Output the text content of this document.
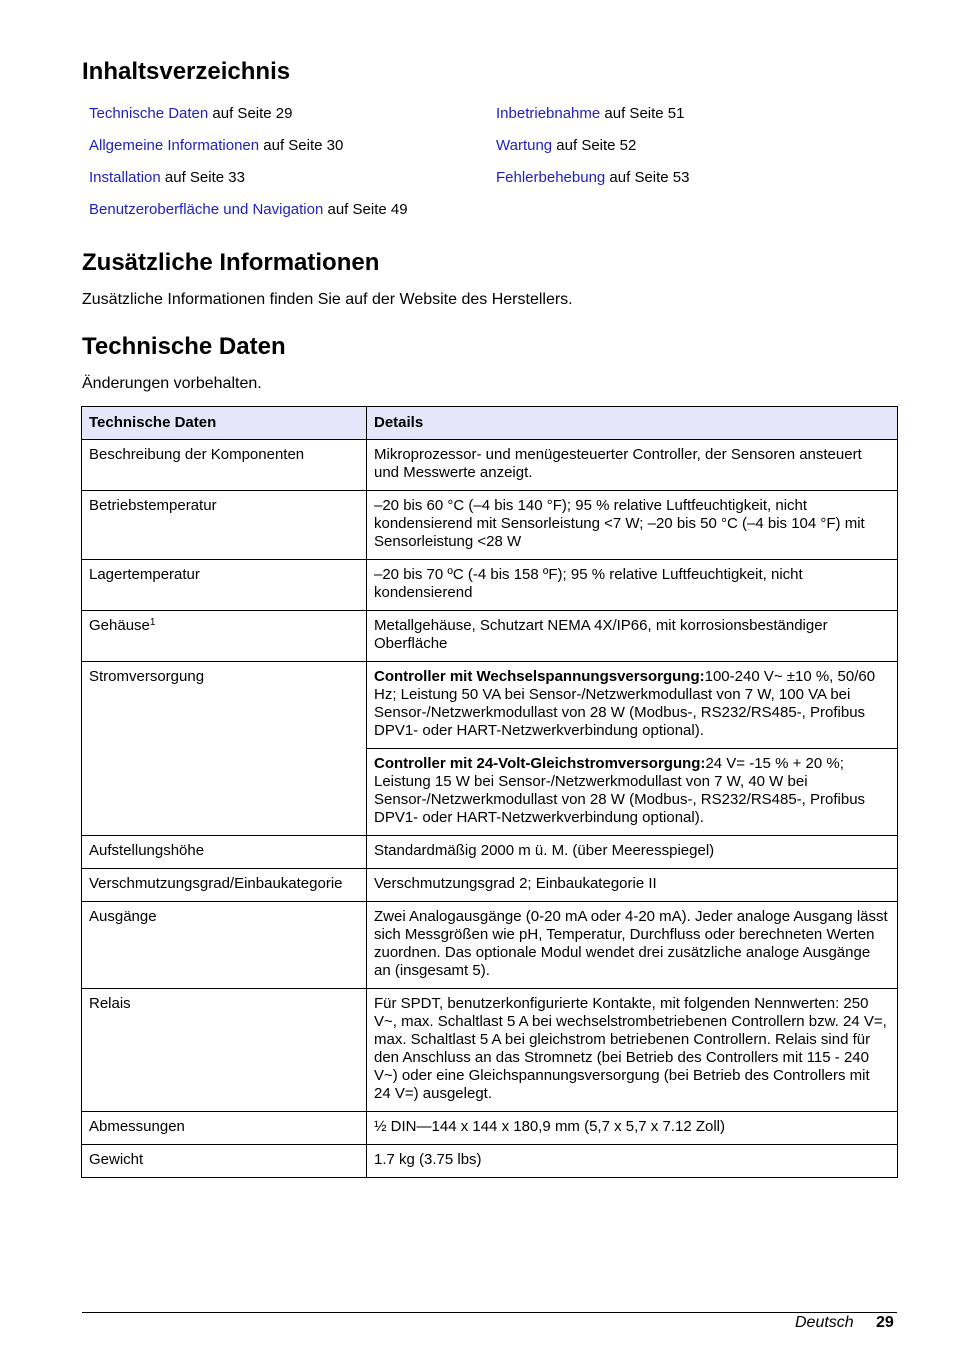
Inhaltsverzeichnis
Technische Daten auf Seite 29
Allgemeine Informationen auf Seite 30
Installation auf Seite 33
Benutzeroberfläche und Navigation auf Seite 49
Inbetriebnahme auf Seite 51
Wartung auf Seite 52
Fehlerbehebung auf Seite 53
Zusätzliche Informationen

Zusätzliche Informationen finden Sie auf der Website des Herstellers.

Technische Daten

Änderungen vorbehalten.

Technische Daten	Details
Beschreibung der Komponenten	Mikroprozessor- und menügesteuerter Controller, der Sensoren ansteuert und Messwerte anzeigt.
Betriebstemperatur	–20 bis 60 °C (–4 bis 140 °F); 95 % relative Luftfeuchtigkeit, nicht kondensierend mit Sensorleistung <7 W; –20 bis 50 °C (–4 bis 104 °F) mit Sensorleistung <28 W
Lagertemperatur	–20 bis 70 ºC (-4 bis 158 ºF); 95 % relative Luftfeuchtigkeit, nicht kondensierend
Gehäuse$^1$	Metallgehäuse, Schutzart NEMA 4X/IP66, mit korrosionsbeständiger Oberfläche
Stromversorgung	Controller mit Wechselspannungsversorgung:100-240 V~ ±10 %, 50/60 Hz; Leistung 50 VA bei Sensor-/Netzwerkmodullast von 7 W, 100 VA bei Sensor-/Netzwerkmodullast von 28 W (Modbus-, RS232/RS485-, Profibus DPV1- oder HART-Netzwerkverbindung optional).
	Controller mit 24-Volt-Gleichstromversorgung:24 V= -15 % + 20 %; Leistung 15 W bei Sensor-/Netzwerkmodullast von 7 W, 40 W bei Sensor-/Netzwerkmodullast von 28 W (Modbus-, RS232/RS485-, Profibus DPV1- oder HART-Netzwerkverbindung optional).
Aufstellungshöhe	Standardmäßig 2000 m ü. M. (über Meeresspiegel)
Verschmutzungsgrad/Einbaukategorie	Verschmutzungsgrad 2; Einbaukategorie II
Ausgänge	Zwei Analogausgänge (0-20 mA oder 4-20 mA). Jeder analoge Ausgang lässt sich Messgrößen wie pH, Temperatur, Durchfluss oder berechneten Werten zuordnen. Das optionale Modul wendet drei zusätzliche analoge Ausgänge an (insgesamt 5).
Relais	Für SPDT, benutzerkonfigurierte Kontakte, mit folgenden Nennwerten: 250 V~, max. Schaltlast 5 A bei wechselstrombetriebenen Controllern bzw. 24 V=, max. Schaltlast 5 A bei gleichstrom betriebenen Controllern. Relais sind für den Anschluss an das Stromnetz (bei Betrieb des Controllers mit 115 - 240 V~) oder eine Gleichspannungsversorgung (bei Betrieb des Controllers mit 24 V=) ausgelegt.
Abmessungen	½ DIN—144 x 144 x 180,9 mm (5,7 x 5,7 x 7.12 Zoll)
Gewicht	1.7 kg (3.75 lbs)
Deutsch 29
